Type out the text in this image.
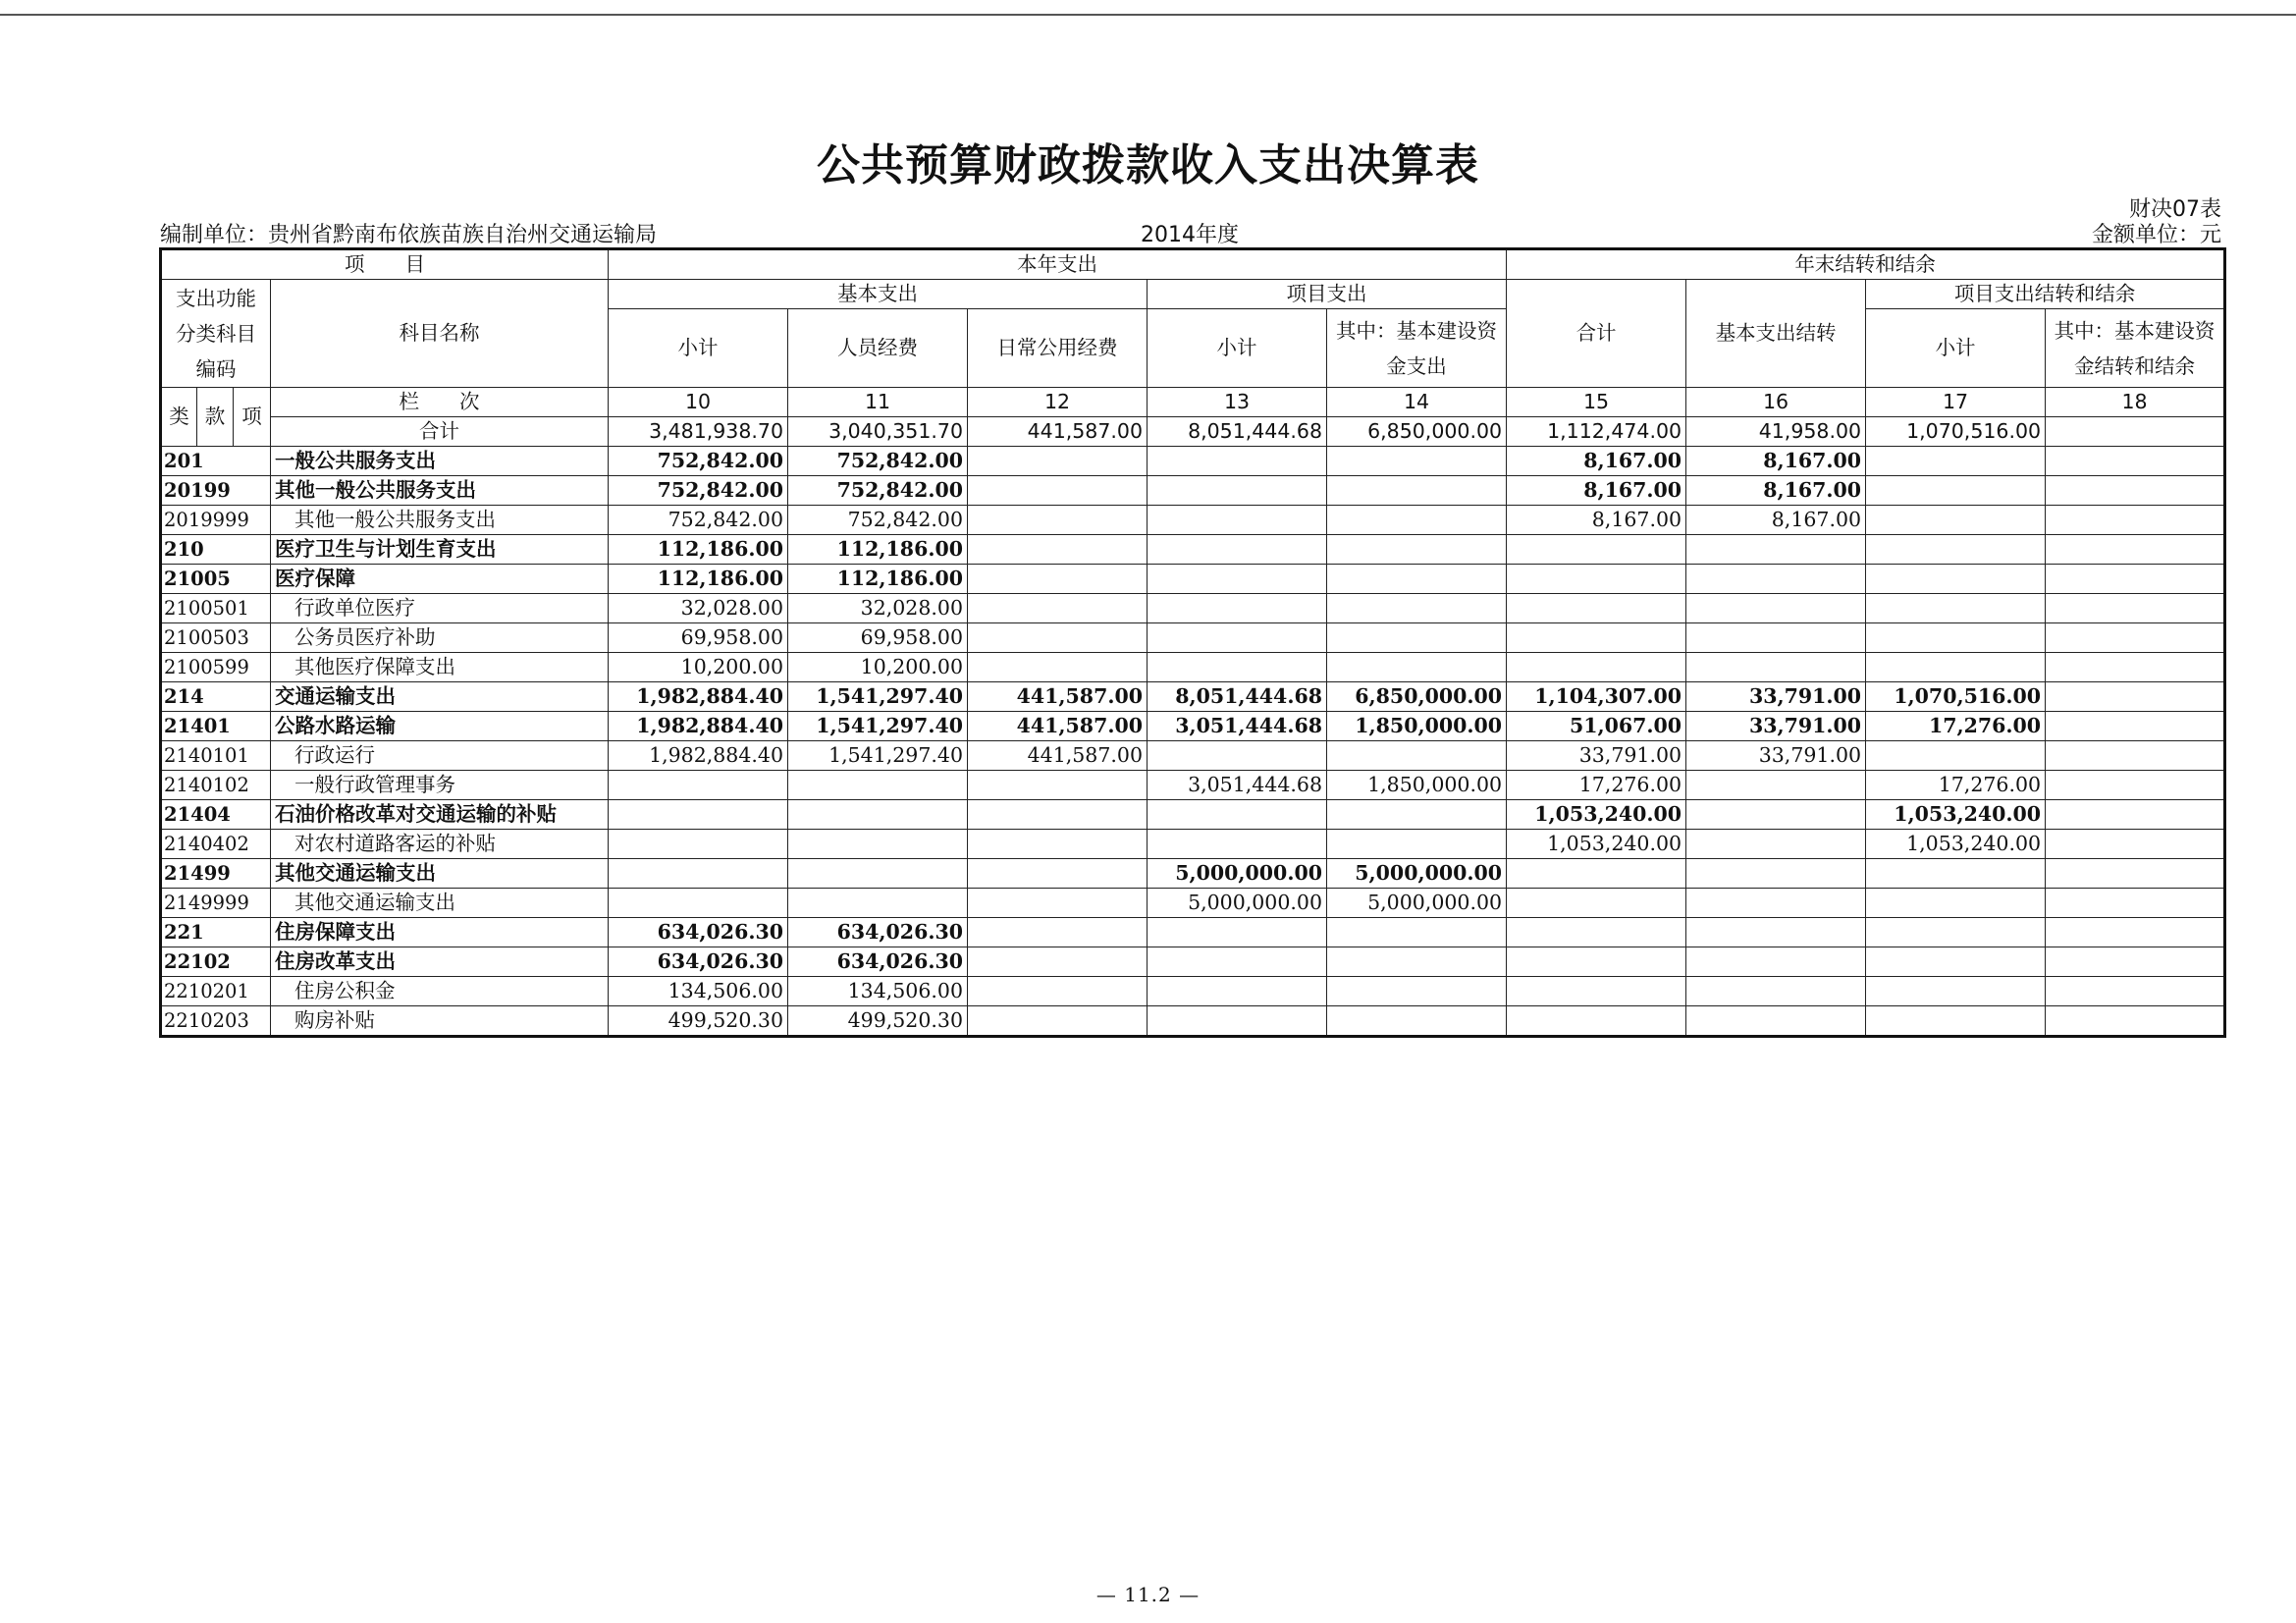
公共预算财政拨款收入支出决算表
财决07表
编制单位：贵州省黔南布依族苗族自治州交通运输局	2014年度	金额单位：元
项　　目				本年支出					年末结转和结余			
支出功能分类科目编码			科目名称	基本支出			项目支出		合计	基本支出结转	项目支出结转和结余	
				小计	人员经费	日常公用经费	小计	其中：基本建设资金支出			小计	其中：基本建设资金结转和结余
类	款	项	栏　　次	10	11	12	13	14	15	16	17	18
			合计	3,481,938.70	3,040,351.70	441,587.00	8,051,444.68	6,850,000.00	1,112,474.00	41,958.00	1,070,516.00	
201			一般公共服务支出	752,842.00	752,842.00				8,167.00	8,167.00		
20199			其他一般公共服务支出	752,842.00	752,842.00				8,167.00	8,167.00		
2019999			其他一般公共服务支出	752,842.00	752,842.00				8,167.00	8,167.00		
210			医疗卫生与计划生育支出	112,186.00	112,186.00							
21005			医疗保障	112,186.00	112,186.00							
2100501			行政单位医疗	32,028.00	32,028.00							
2100503			公务员医疗补助	69,958.00	69,958.00							
2100599			其他医疗保障支出	10,200.00	10,200.00							
214			交通运输支出	1,982,884.40	1,541,297.40	441,587.00	8,051,444.68	6,850,000.00	1,104,307.00	33,791.00	1,070,516.00	
21401			公路水路运输	1,982,884.40	1,541,297.40	441,587.00	3,051,444.68	1,850,000.00	51,067.00	33,791.00	17,276.00	
2140101			行政运行	1,982,884.40	1,541,297.40	441,587.00			33,791.00	33,791.00		
2140102			一般行政管理事务				3,051,444.68	1,850,000.00	17,276.00		17,276.00	
21404			石油价格改革对交通运输的补贴						1,053,240.00		1,053,240.00	
2140402			对农村道路客运的补贴						1,053,240.00		1,053,240.00	
21499			其他交通运输支出				5,000,000.00	5,000,000.00				
2149999			其他交通运输支出				5,000,000.00	5,000,000.00				
221			住房保障支出	634,026.30	634,026.30							
22102			住房改革支出	634,026.30	634,026.30							
2210201			住房公积金	134,506.00	134,506.00							
2210203			购房补贴	499,520.30	499,520.30							
— 11.2 —
